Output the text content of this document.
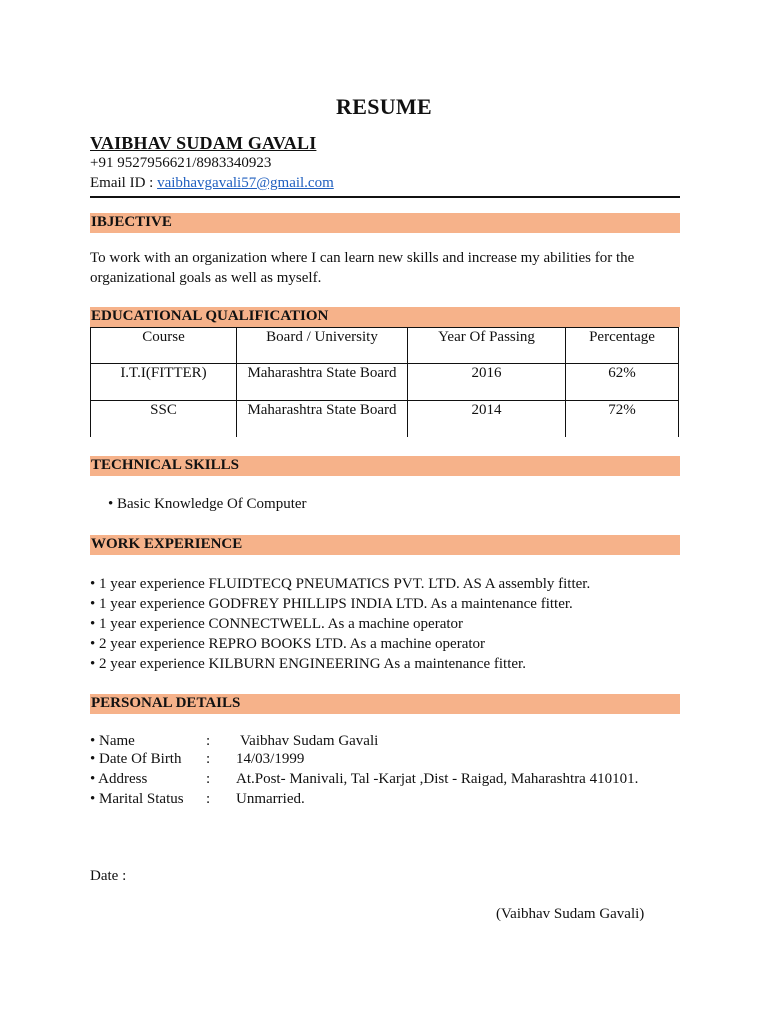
RESUME
VAIBHAV SUDAM GAVALI
+91 9527956621/8983340923
Email ID : vaibhavgavali57@gmail.com
IBJECTIVE
To work with an organization where I can learn new skills and increase my abilities for the organizational goals as well as myself.
EDUCATIONAL QUALIFICATION
Course	Board / University	Year Of Passing	Percentage
I.T.I(FITTER)	Maharashtra State Board	2016	62%
SSC	Maharashtra State Board	2014	72%
TECHNICAL SKILLS
• Basic Knowledge Of Computer
WORK EXPERIENCE
• 1 year experience FLUIDTECQ PNEUMATICS PVT. LTD. AS A assembly fitter.
• 1 year experience GODFREY PHILLIPS INDIA LTD. As a maintenance fitter.
• 1 year experience CONNECTWELL. As a machine operator
• 2 year experience REPRO BOOKS LTD. As a machine operator
• 2 year experience KILBURN ENGINEERING As a maintenance fitter.
PERSONAL DETAILS
• Name	: Vaibhav Sudam Gavali
• Date Of Birth : 14/03/1999
• Address	: At.Post- Manivali, Tal -Karjat ,Dist - Raigad, Maharashtra 410101.
• Marital Status : Unmarried.
Date :
(Vaibhav Sudam Gavali)
